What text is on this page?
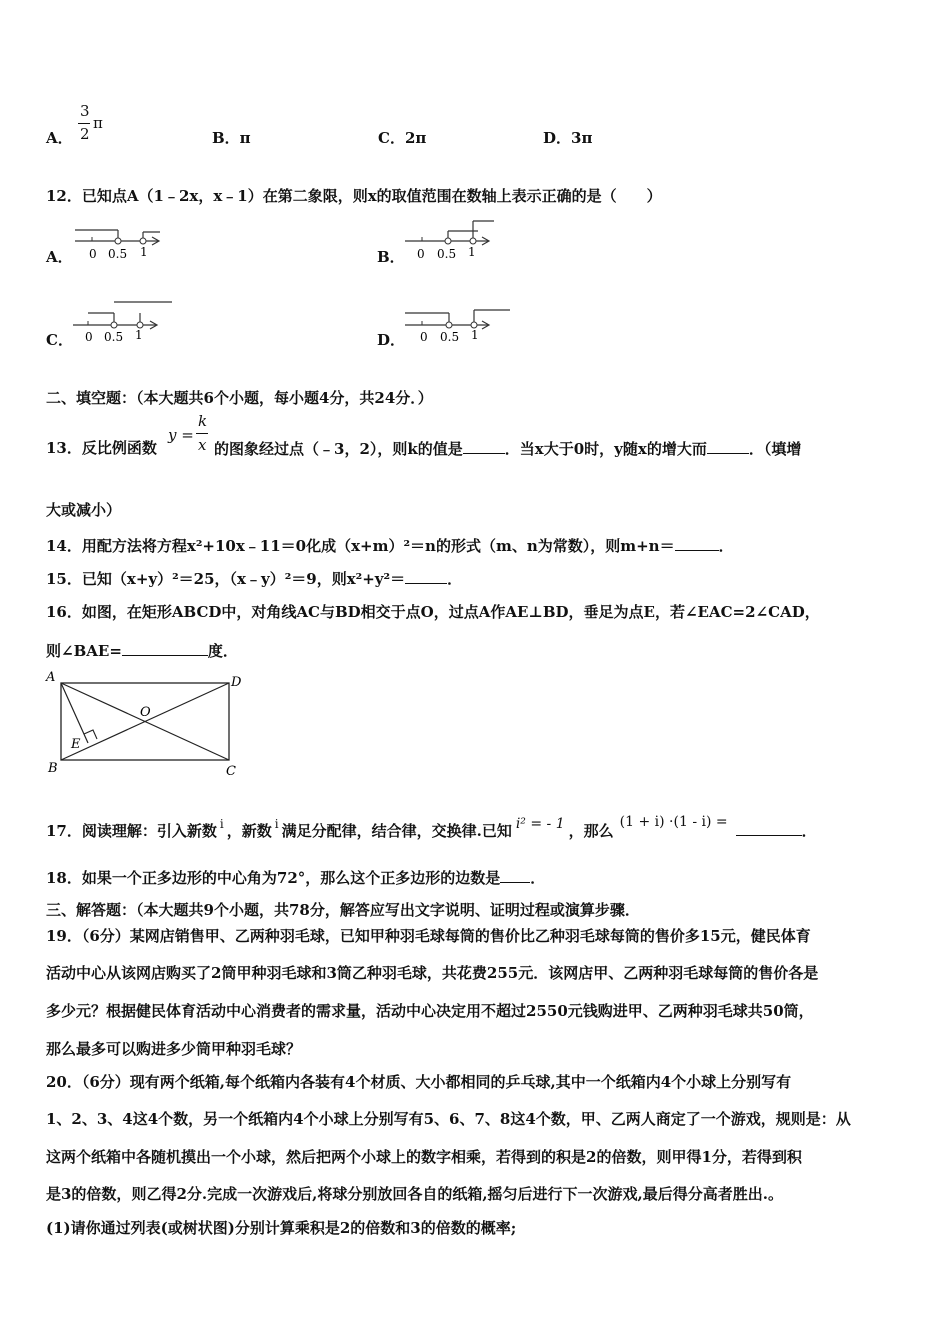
A．
3
2
π
B．π	C．2π	D．3π
12．已知点A（1﹣2x，x﹣1）在第二象限，则x的取值范围在数轴上表示正确的是（　　）
A． 0 0.5 1	B． 0 0.5 1
C． 0 0.5 1	D． 0 0.5 1
二、填空题：（本大题共6个小题，每小题4分，共24分．）
13．反比例函数
y =
k
x 的图象经过点（﹣3，2），则k的值是	．当x大于0时，y随x的增大而	．（填增
大或减小）
14．用配方法将方程x²+10x﹣11＝0化成（x+m）²＝n的形式（m、n为常数），则m+n＝	．
15．已知（x+y）²＝25，（x﹣y）²＝9，则x²+y²＝	．
16．如图，在矩形ABCD中，对角线AC与BD相交于点O，过点A作AE⊥BD，垂足为点E，若∠EAC=2∠CAD，
则∠BAE=	度．
A	D
B	C
O
E
17．阅读理解：引入新数 $^i$ ，新数 $^i$ 满足分配律，结合律，交换律.已知 i² = - 1 ，那么 (1 + i) ·(1 - i) =	．
18．如果一个正多边形的中心角为72°，那么这个正多边形的边数是 ．
三、解答题：（本大题共9个小题，共78分，解答应写出文字说明、证明过程或演算步骤．
19．（6分）某网店销售甲、乙两种羽毛球，已知甲种羽毛球每筒的售价比乙种羽毛球每筒的售价多15元，健民体育
活动中心从该网店购买了2筒甲种羽毛球和3筒乙种羽毛球，共花费255元．该网店甲、乙两种羽毛球每筒的售价各是
多少元？根据健民体育活动中心消费者的需求量，活动中心决定用不超过2550元钱购进甲、乙两种羽毛球共50筒，
那么最多可以购进多少筒甲种羽毛球？
20．（6分）现有两个纸箱,每个纸箱内各装有4个材质、大小都相同的乒乓球,其中一个纸箱内4个小球上分别写有
1、2、3、4这4个数，另一个纸箱内4个小球上分别写有5、6、7、8这4个数，甲、乙两人商定了一个游戏，规则是：从
这两个纸箱中各随机摸出一个小球，然后把两个小球上的数字相乘，若得到的积是2的倍数，则甲得1分，若得到积
是3的倍数，则乙得2分.完成一次游戏后,将球分别放回各自的纸箱,摇匀后进行下一次游戏,最后得分高者胜出.。
(1)请你通过列表(或树状图)分别计算乘积是2的倍数和3的倍数的概率;
